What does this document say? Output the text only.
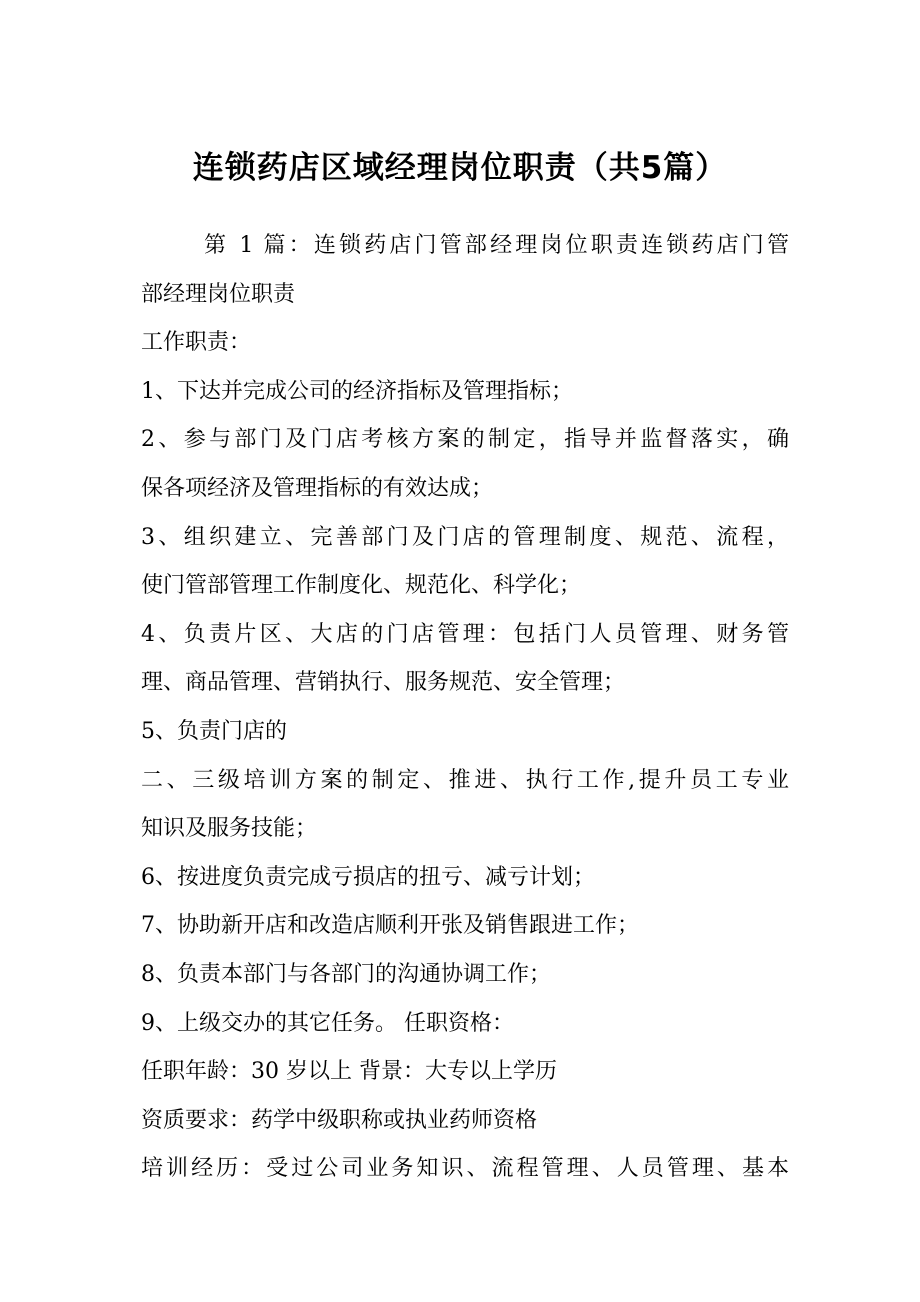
连锁药店区域经理岗位职责（共5篇）
第 1 篇：连锁药店门管部经理岗位职责连锁药店门管
部经理岗位职责
工作职责：
1、下达并完成公司的经济指标及管理指标；
2、参与部门及门店考核方案的制定，指导并监督落实，确
保各项经济及管理指标的有效达成；
3、组织建立、完善部门及门店的管理制度、规范、流程，
使门管部管理工作制度化、规范化、科学化；
4、负责片区、大店的门店管理：包括门人员管理、财务管
理、商品管理、营销执行、服务规范、安全管理；
5、负责门店的
二、三级培训方案的制定、推进、执行工作,提升员工专业
知识及服务技能；
6、按进度负责完成亏损店的扭亏、减亏计划；
7、协助新开店和改造店顺利开张及销售跟进工作；
8、负责本部门与各部门的沟通协调工作；
9、上级交办的其它任务。 任职资格：
任职年龄：30 岁以上 背景：大专以上学历
资质要求：药学中级职称或执业药师资格
培训经历：受过公司业务知识、流程管理、人员管理、基本
